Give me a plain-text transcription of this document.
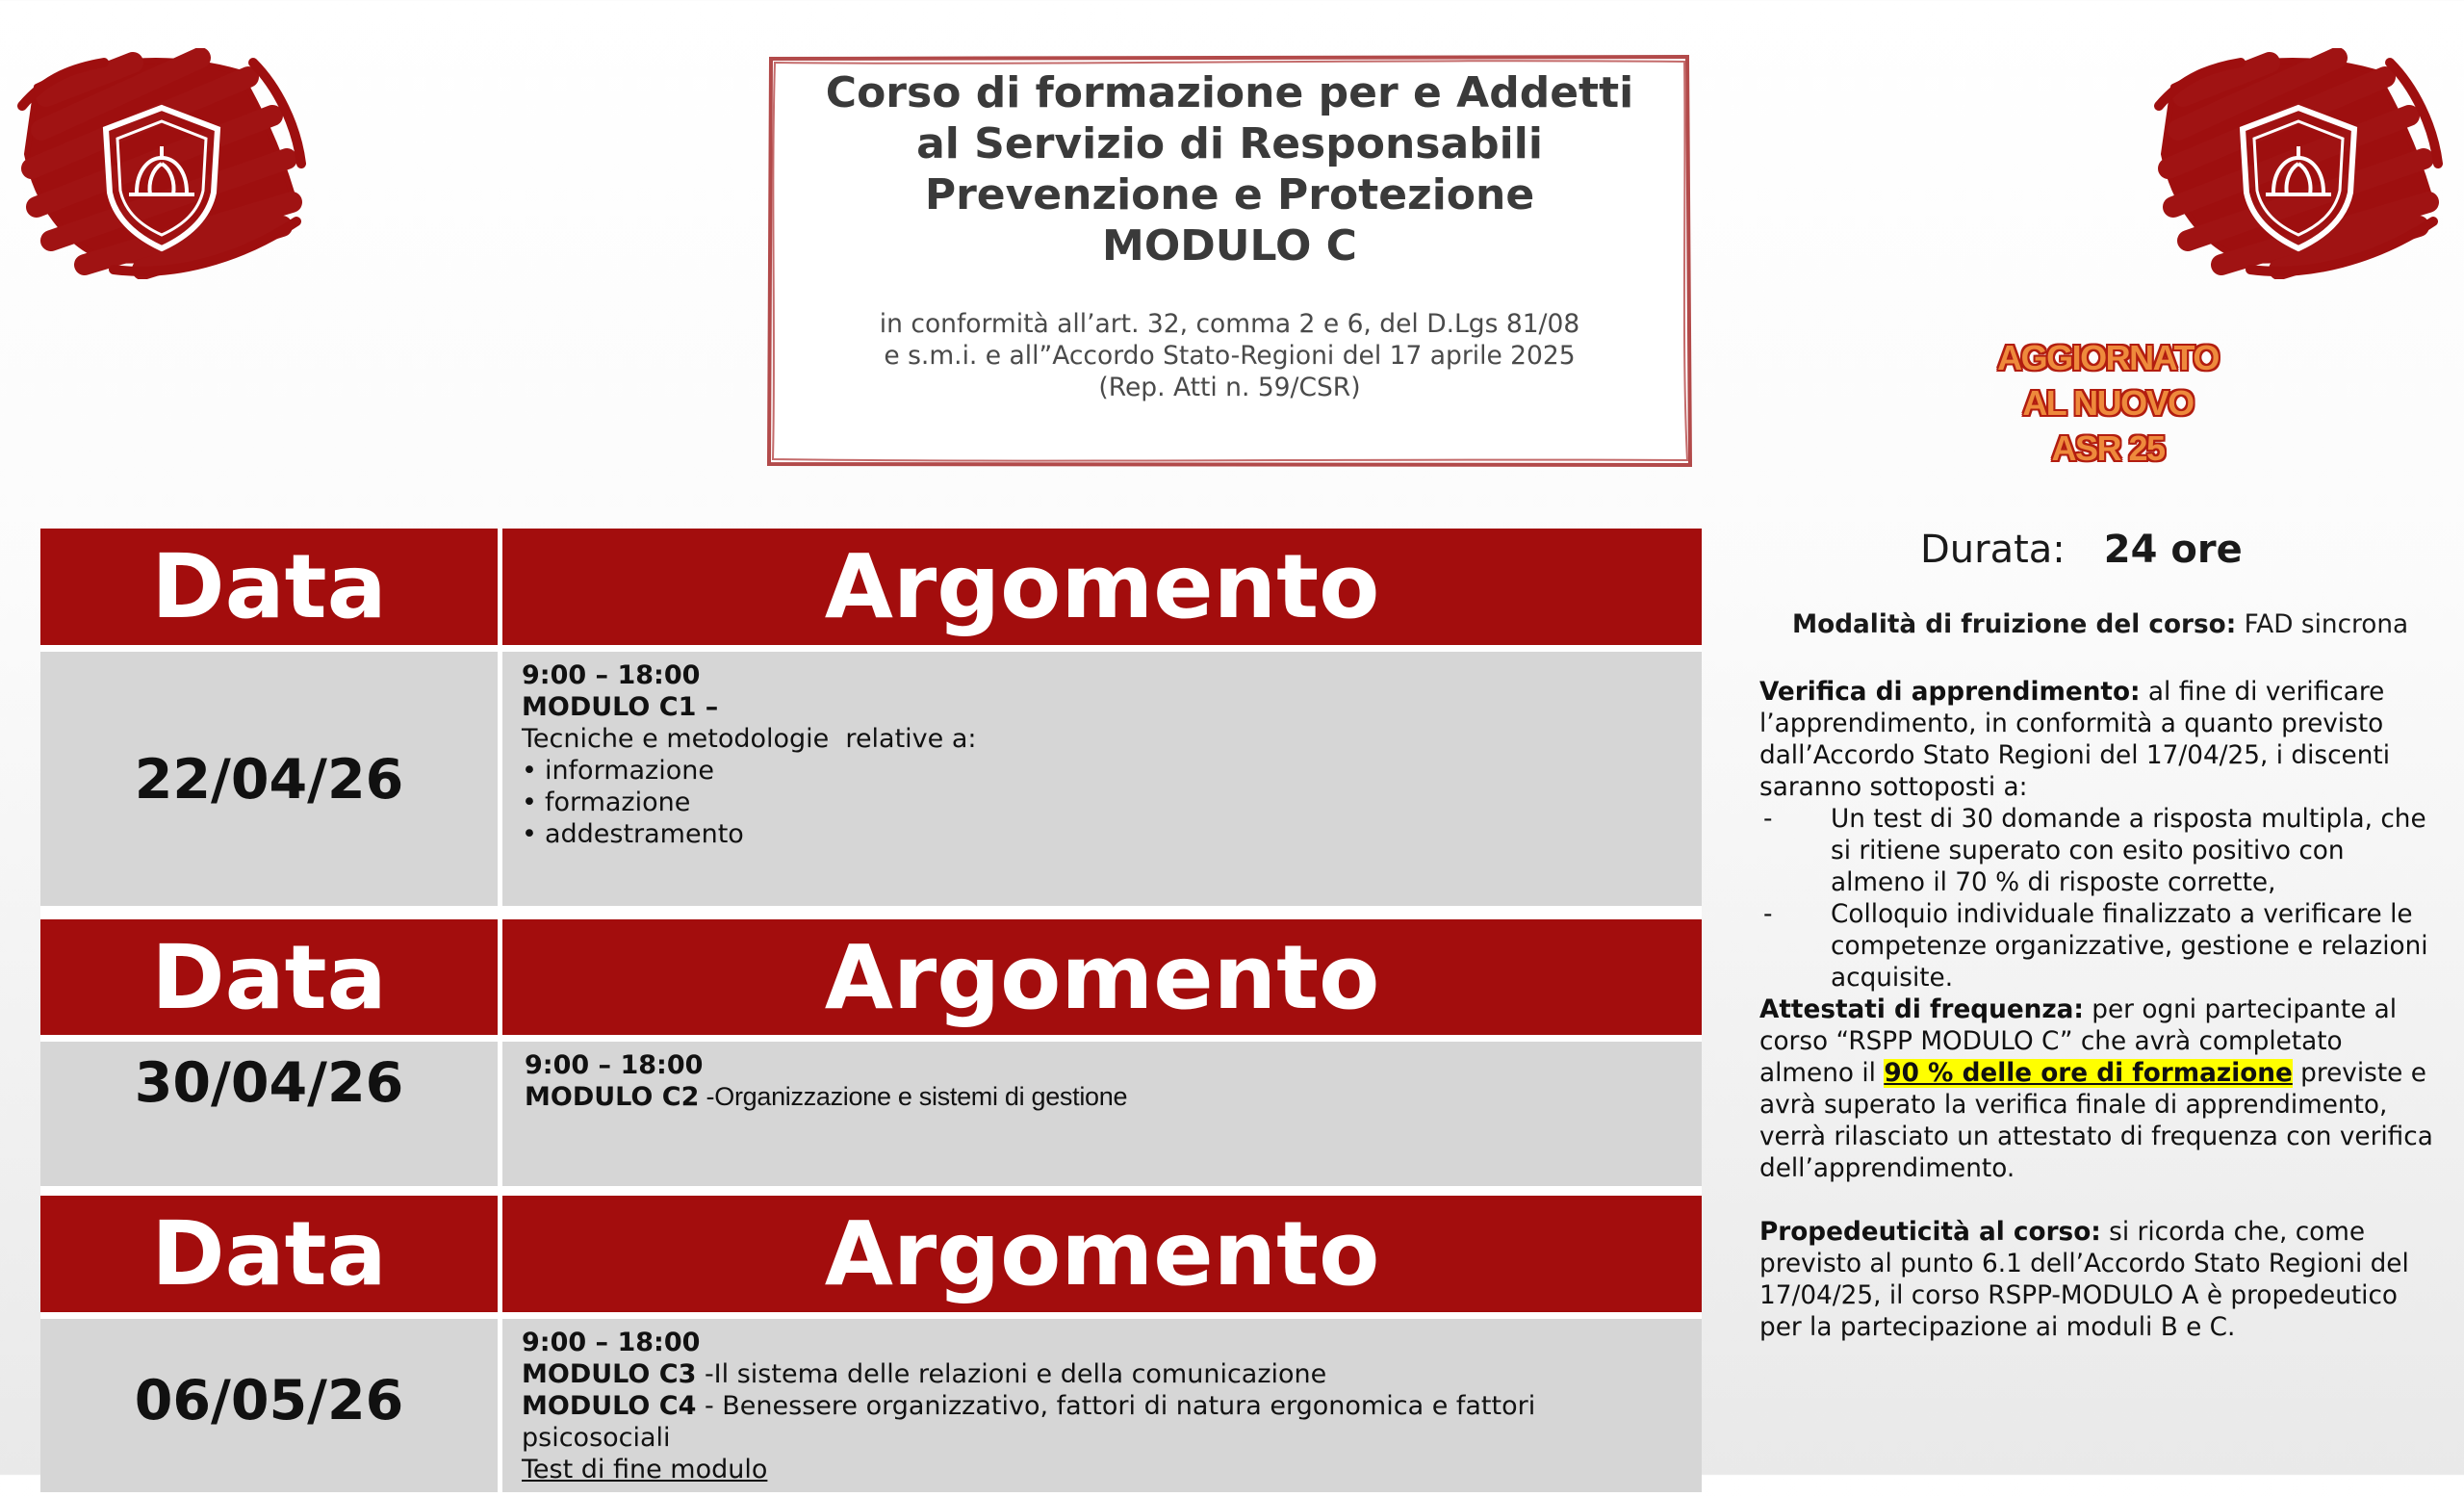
Corso di formazione per e Addetti
al Servizio di Responsabili
Prevenzione e Protezione
MODULO C
in conformità all’art. 32, comma 2 e 6, del D.Lgs 81/08
e s.m.i. e all”Accordo Stato-Regioni del 17 aprile 2025
(Rep. Atti n. 59/CSR)
AGGIORNATO
AL NUOVO
ASR 25
Data	Argomento
22/04/26
9:00 – 18:00
MODULO C1 –
Tecniche e metodologie  relative a:
• informazione
• formazione
• addestramento
Data	Argomento
30/04/26	9:00 – 18:00
MODULO C2 -Organizzazione e sistemi di gestione
Data	Argomento
06/05/26
9:00 – 18:00
MODULO C3 -Il sistema delle relazioni e della comunicazione
MODULO C4 - Benessere organizzativo, fattori di natura ergonomica e fattori psicosociali
Test di fine modulo
Durata: 24 ore
Modalità di fruizione del corso: FAD sincrona

Verifica di apprendimento: al fine di verificare l’apprendimento, in conformità a quanto previsto dall’Accordo Stato Regioni del 17/04/25, i discenti saranno sottoposti a:

- Un test di 30 domande a risposta multipla, che si ritiene superato con esito positivo con almeno il 70 % di risposte corrette,
- Colloquio individuale finalizzato a verificare le competenze organizzative, gestione e relazioni acquisite.

Attestati di frequenza: per ogni partecipante al corso “RSPP MODULO C” che avrà completato almeno il 90 % delle ore di formazione previste e avrà superato la verifica finale di apprendimento, verrà rilasciato un attestato di frequenza con verifica dell’apprendimento.

Propedeuticità al corso: si ricorda che, come previsto al punto 6.1 dell’Accordo Stato Regioni del 17/04/25, il corso RSPP-MODULO A è propedeutico per la partecipazione ai moduli B e C.
